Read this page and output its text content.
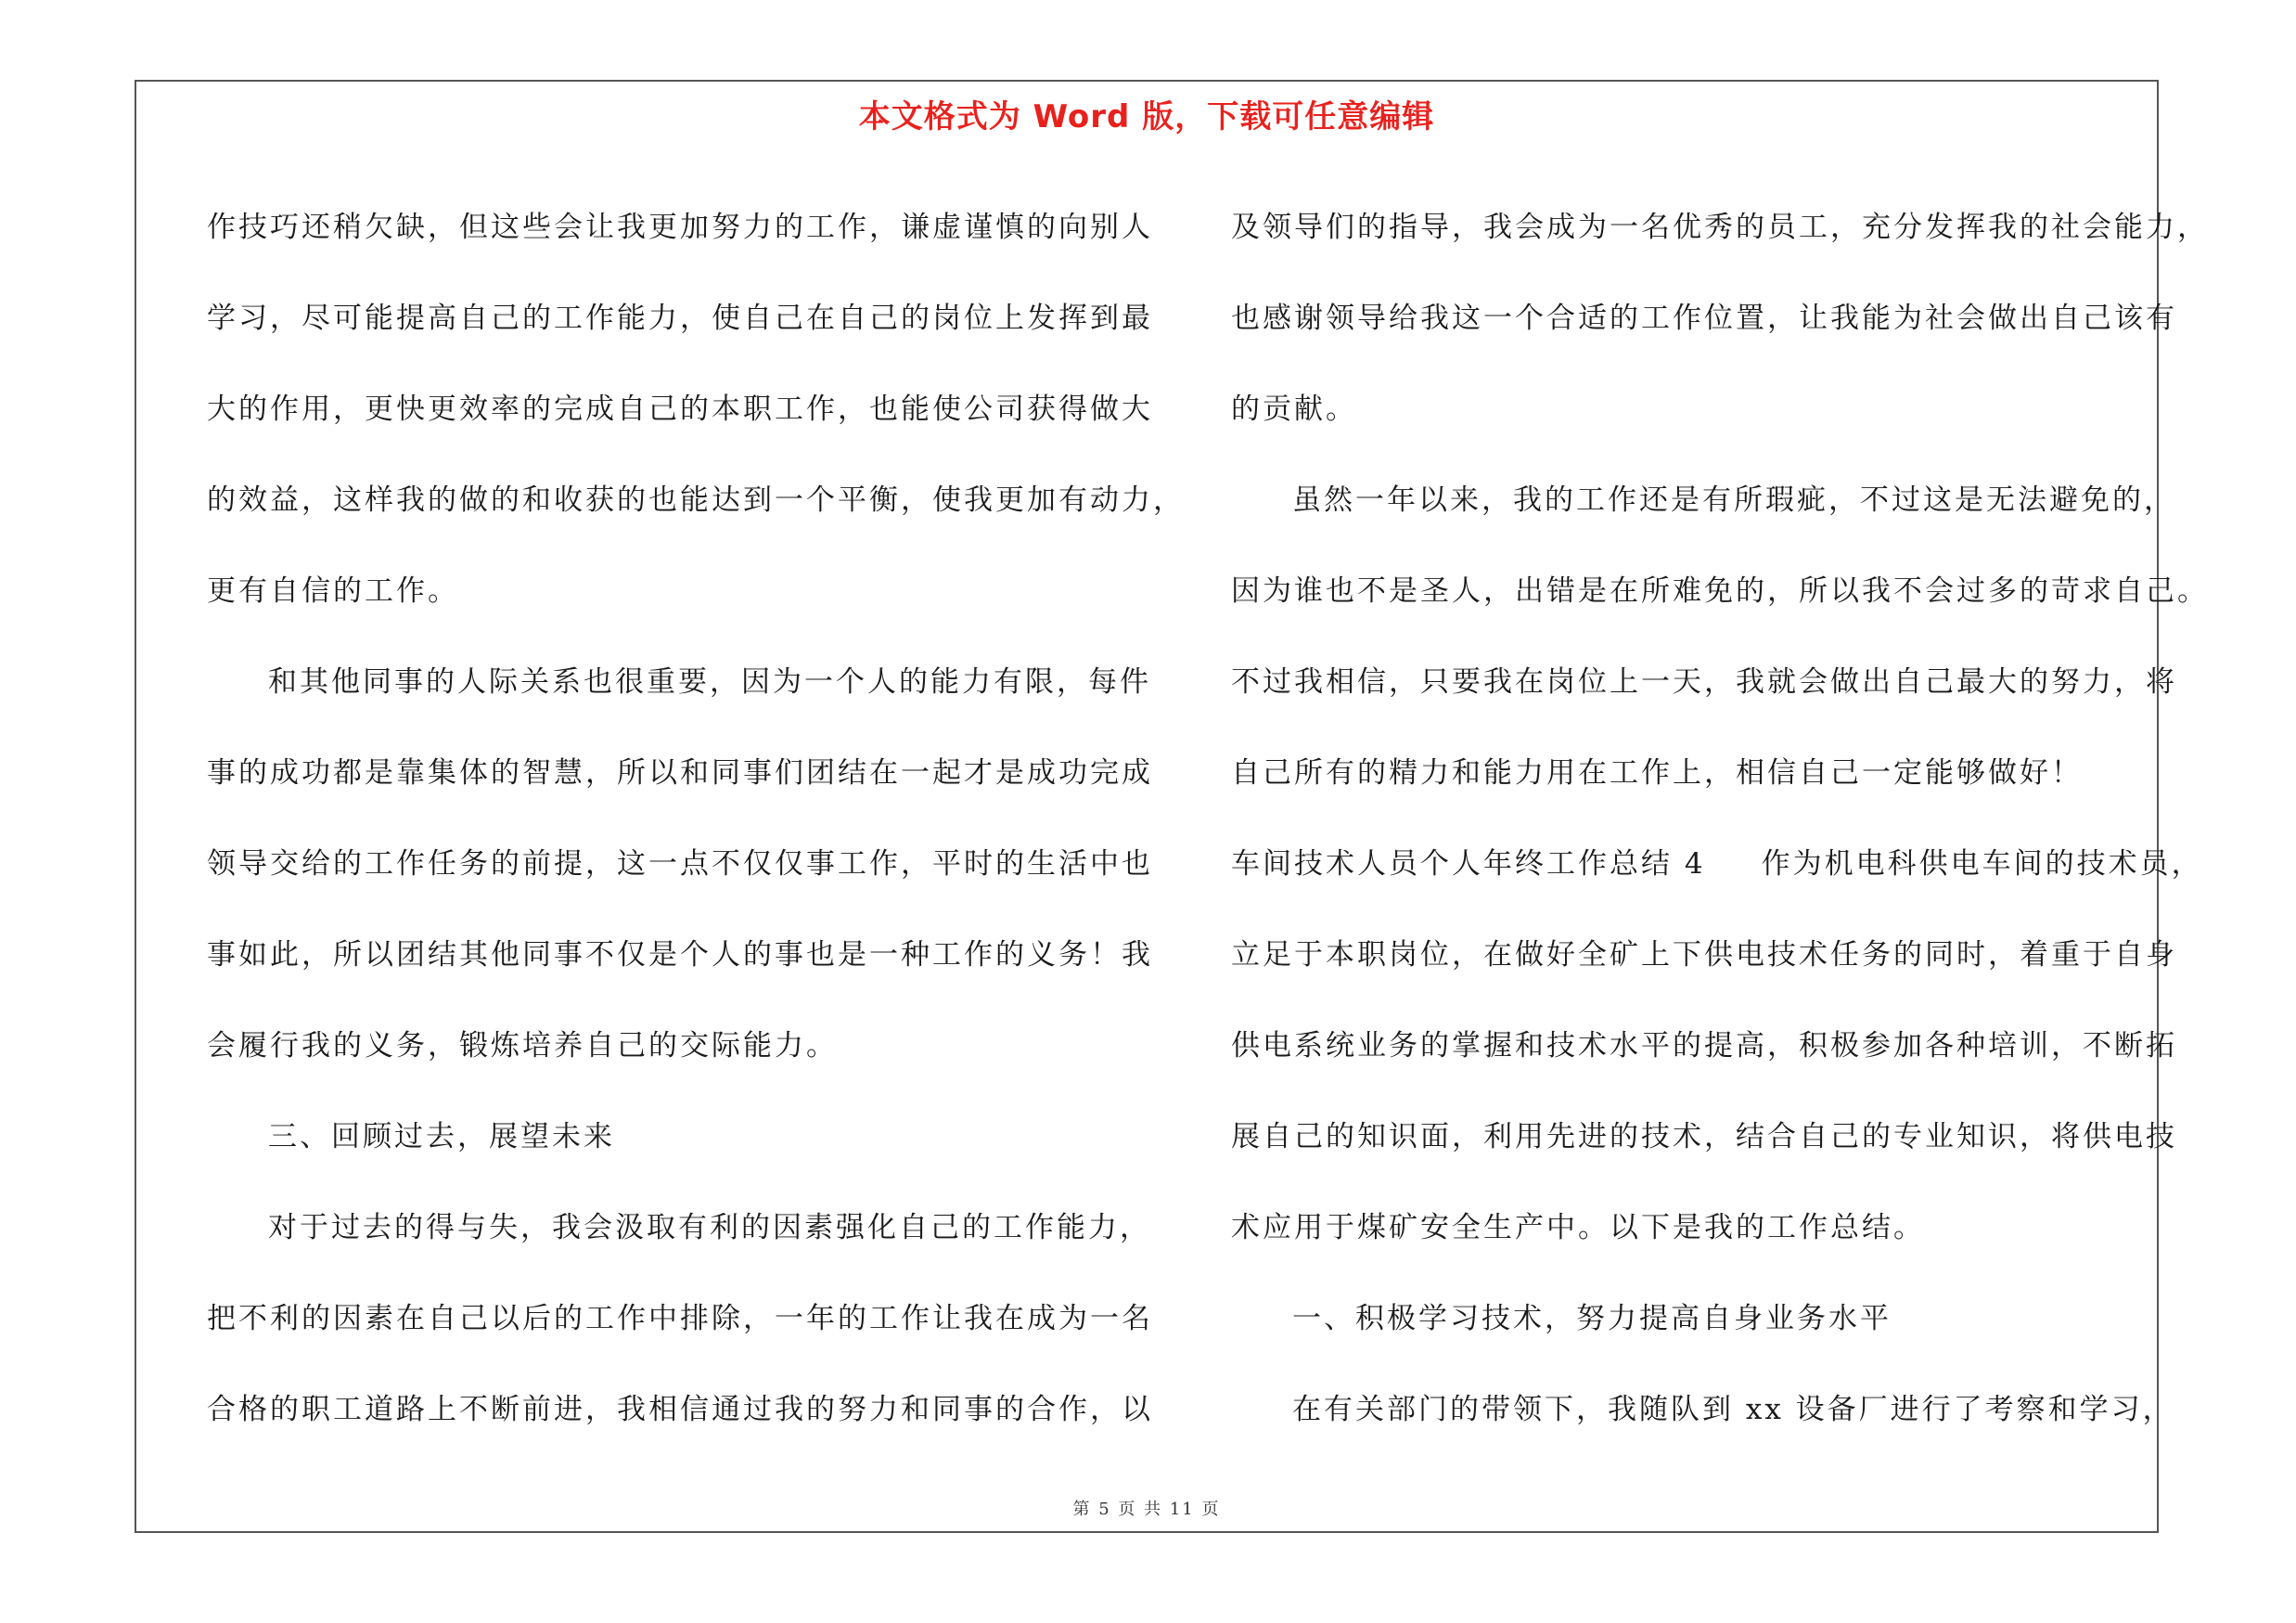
本文格式为 Word 版，下载可任意编辑
作技巧还稍欠缺，但这些会让我更加努力的工作，谦虚谨慎的向别人
学习，尽可能提高自己的工作能力，使自己在自己的岗位上发挥到最
大的作用，更快更效率的完成自己的本职工作，也能使公司获得做大
的效益，这样我的做的和收获的也能达到一个平衡，使我更加有动力，
更有自信的工作。
和其他同事的人际关系也很重要，因为一个人的能力有限，每件
事的成功都是靠集体的智慧，所以和同事们团结在一起才是成功完成
领导交给的工作任务的前提，这一点不仅仅事工作，平时的生活中也
事如此，所以团结其他同事不仅是个人的事也是一种工作的义务！我
会履行我的义务，锻炼培养自己的交际能力。
三、回顾过去，展望未来
对于过去的得与失，我会汲取有利的因素强化自己的工作能力，
把不利的因素在自己以后的工作中排除，一年的工作让我在成为一名
合格的职工道路上不断前进，我相信通过我的努力和同事的合作，以
及领导们的指导，我会成为一名优秀的员工，充分发挥我的社会能力，
也感谢领导给我这一个合适的工作位置，让我能为社会做出自己该有
的贡献。
虽然一年以来，我的工作还是有所瑕疵，不过这是无法避免的，
因为谁也不是圣人，出错是在所难免的，所以我不会过多的苛求自己。
不过我相信，只要我在岗位上一天，我就会做出自己最大的努力，将
自己所有的精力和能力用在工作上，相信自己一定能够做好！
车间技术人员个人年终工作总结 4 作为机电科供电车间的技术员，
立足于本职岗位，在做好全矿上下供电技术任务的同时，着重于自身
供电系统业务的掌握和技术水平的提高，积极参加各种培训，不断拓
展自己的知识面，利用先进的技术，结合自己的专业知识，将供电技
术应用于煤矿安全生产中。以下是我的工作总结。
一、积极学习技术，努力提高自身业务水平
在有关部门的带领下，我随队到 xx 设备厂进行了考察和学习，
第 5 页 共 11 页
